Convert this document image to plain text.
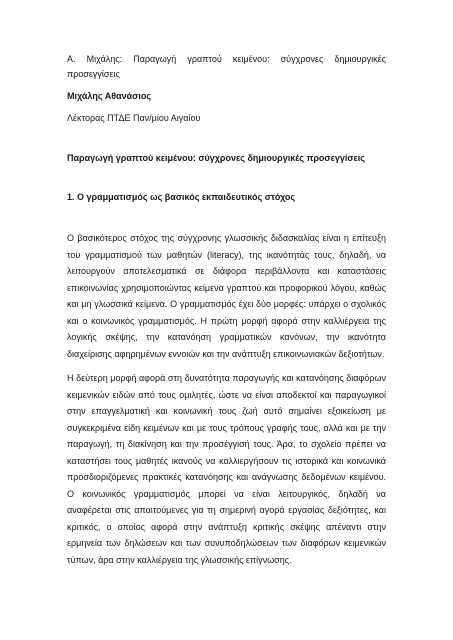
Α. Μιχάλης: Παραγωγή γραπτού κειμένου: σύγχρονες δημιουργικές προσεγγίσεις

Μιχάλης Αθανάσιος

Λέκτορας ΠΤΔΕ Παν/μίου Αιγαίου

Παραγωγή γραπτού κειμένου: σύγχρονες δημιουργικές προσεγγίσεις

1. Ο γραμματισμός ως βασικός εκπαιδευτικός στόχος

Ο βασικότερος στόχος της σύγχρονης γλωσσικής διδασκαλίας είναι η επίτευξη του γραμματισμού των μαθητών (literacy), της ικανότητάς τους, δηλαδή, να λειτουργούν αποτελεσματικά σε διάφορα περιβάλλοντα και καταστάσεις επικοινωνίας χρησιμοποιώντας κείμενα γραπτού και προφορικού λόγου, καθώς και μη γλωσσικά κείμενα. Ο γραμματισμός έχει δύο μορφές: υπάρχει ο σχολικός και ο κοινωνικός γραμματισμός. Η πρώτη μορφή αφορά στην καλλιέργεια της λογικής σκέψης, την κατανόηση γραμματικών κανόνων, την ικανότητα διαχείρισης αφηρημένων εννοιών και την ανάπτυξη επικοινωνιακών δεξιοτήτων.

Η δεύτερη μορφή αφορά στη δυνατότητα παραγωγής και κατανόησης διαφόρων κειμενικών ειδών από τους ομιλητές, ώστε να είναι αποδεκτοί και παραγωγικοί στην επαγγελματική και κοινωνική τους ζωή αυτό σημαίνει εξοικείωση με συγκεκριμένα είδη κειμένων και με τους τρόπους γραφής τους, αλλά και με την παραγωγή, τη διακίνηση και την προσέγγισή τους. Άρα, το σχολείο πρέπει να καταστήσει τους μαθητές ικανούς να καλλιεργήσουν τις ιστορικά και κοινωνικά προσδιοριζόμενες πρακτικές κατανόησης και ανάγνωσης δεδομένων κειμένου. Ο κοινωνικός γραμματισμός μπορεί να είναι λειτουργικός, δηλαδή να αναφέρεται στις απαιτούμενες για τη σημερινή αγορά εργασίας δεξιότητες, και κριτικός, ο οποίος αφορά στην ανάπτυξη κριτικής σκέψης απέναντι στην ερμηνεία των δηλώσεων και των συνυποδηλώσεων των διαφόρων κειμενικών τύπων, άρα στην καλλιέργεια της γλωσσικής επίγνωσης.
